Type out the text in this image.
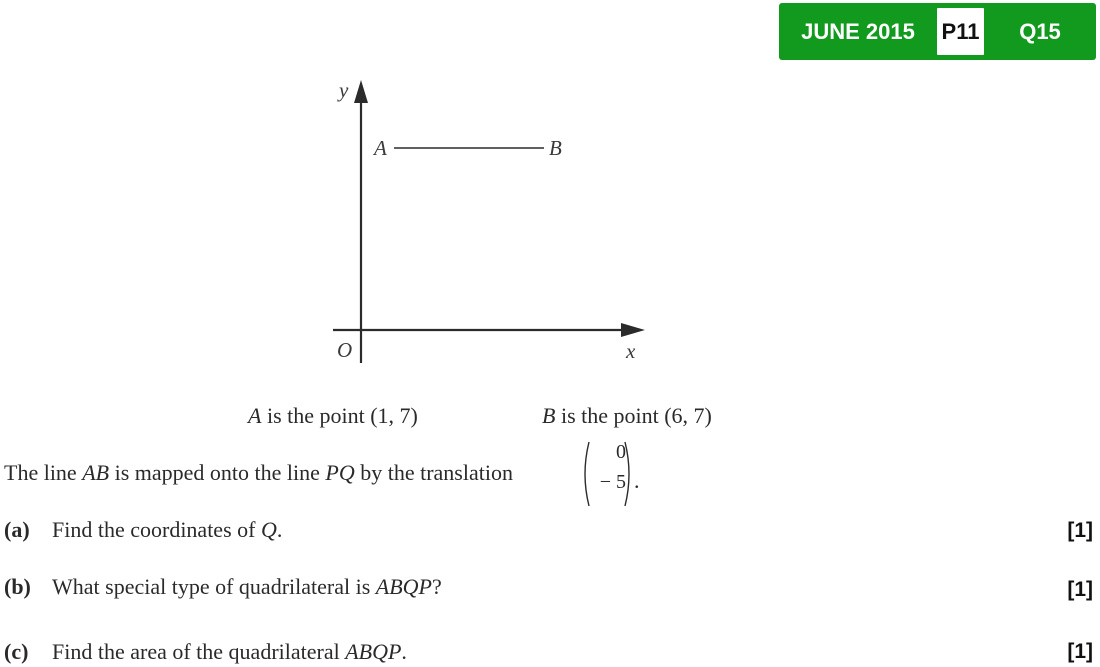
JUNE 2015	P11	Q15
y
x
O
A	B
A is the point (1, 7)	B is the point (6, 7)
The line AB is mapped onto the line PQ by the translation
0
− 5 .
(a) Find the coordinates of Q.	[1]
(b) What special type of quadrilateral is ABQP?	[1]
(c) Find the area of the quadrilateral ABQP.	[1]
